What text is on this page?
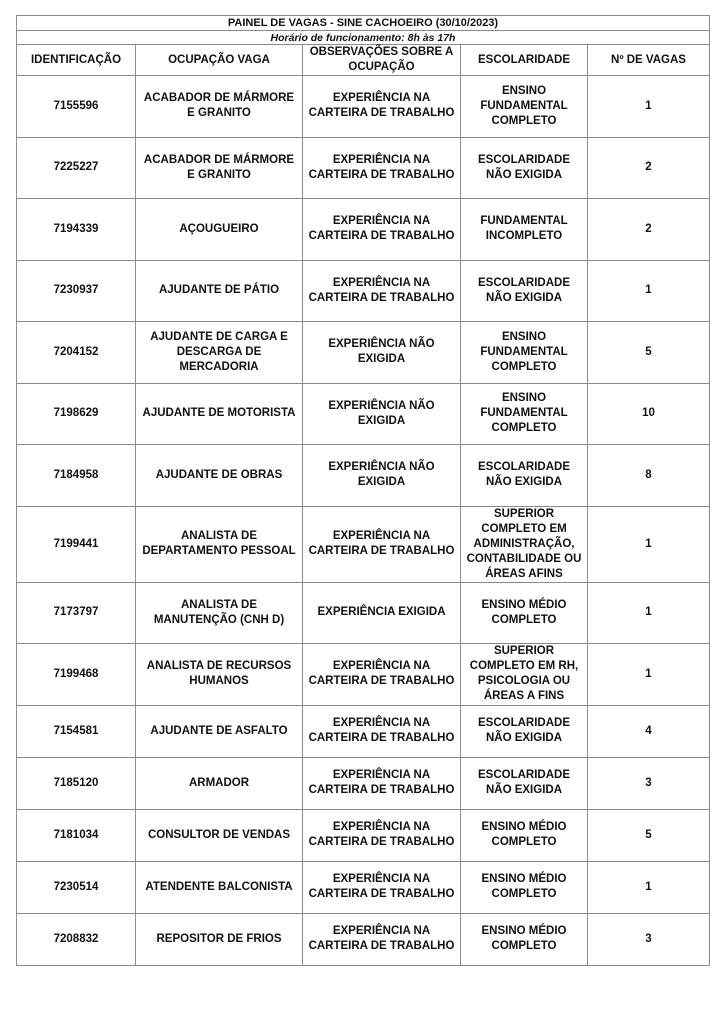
PAINEL DE VAGAS - SINE CACHOEIRO (30/10/2023)				
Horário de funcionamento: 8h às 17h				
IDENTIFICAÇÃO	OCUPAÇÃO VAGA	OBSERVAÇÕES SOBRE A OCUPAÇÃO	ESCOLARIDADE	Nº DE VAGAS
7155596	ACABADOR DE MÁRMORE E GRANITO	EXPERIÊNCIA NA CARTEIRA DE TRABALHO	ENSINO FUNDAMENTAL COMPLETO	1
7225227	ACABADOR DE MÁRMORE E GRANITO	EXPERIÊNCIA NA CARTEIRA DE TRABALHO	ESCOLARIDADE NÃO EXIGIDA	2
7194339	AÇOUGUEIRO	EXPERIÊNCIA NA CARTEIRA DE TRABALHO	FUNDAMENTAL INCOMPLETO	2
7230937	AJUDANTE DE PÁTIO	EXPERIÊNCIA NA CARTEIRA DE TRABALHO	ESCOLARIDADE NÃO EXIGIDA	1
7204152	AJUDANTE DE CARGA E DESCARGA DE MERCADORIA	EXPERIÊNCIA NÃO EXIGIDA	ENSINO FUNDAMENTAL COMPLETO	5
7198629	AJUDANTE DE MOTORISTA	EXPERIÊNCIA NÃO EXIGIDA	ENSINO FUNDAMENTAL COMPLETO	10
7184958	AJUDANTE DE OBRAS	EXPERIÊNCIA NÃO EXIGIDA	ESCOLARIDADE NÃO EXIGIDA	8
7199441	ANALISTA DE DEPARTAMENTO PESSOAL	EXPERIÊNCIA NA CARTEIRA DE TRABALHO	SUPERIOR COMPLETO EM ADMINISTRAÇÃO, CONTABILIDADE OU ÁREAS AFINS	1
7173797	ANALISTA DE MANUTENÇÃO (CNH D)	EXPERIÊNCIA EXIGIDA	ENSINO MÉDIO COMPLETO	1
7199468	ANALISTA DE RECURSOS HUMANOS	EXPERIÊNCIA NA CARTEIRA DE TRABALHO	SUPERIOR COMPLETO EM RH, PSICOLOGIA OU ÁREAS A FINS	1
7154581	AJUDANTE DE ASFALTO	EXPERIÊNCIA NA CARTEIRA DE TRABALHO	ESCOLARIDADE NÃO EXIGIDA	4
7185120	ARMADOR	EXPERIÊNCIA NA CARTEIRA DE TRABALHO	ESCOLARIDADE NÃO EXIGIDA	3
7181034	CONSULTOR DE VENDAS	EXPERIÊNCIA NA CARTEIRA DE TRABALHO	ENSINO MÉDIO COMPLETO	5
7230514	ATENDENTE BALCONISTA	EXPERIÊNCIA NA CARTEIRA DE TRABALHO	ENSINO MÉDIO COMPLETO	1
7208832	REPOSITOR DE FRIOS	EXPERIÊNCIA NA CARTEIRA DE TRABALHO	ENSINO MÉDIO COMPLETO	3
